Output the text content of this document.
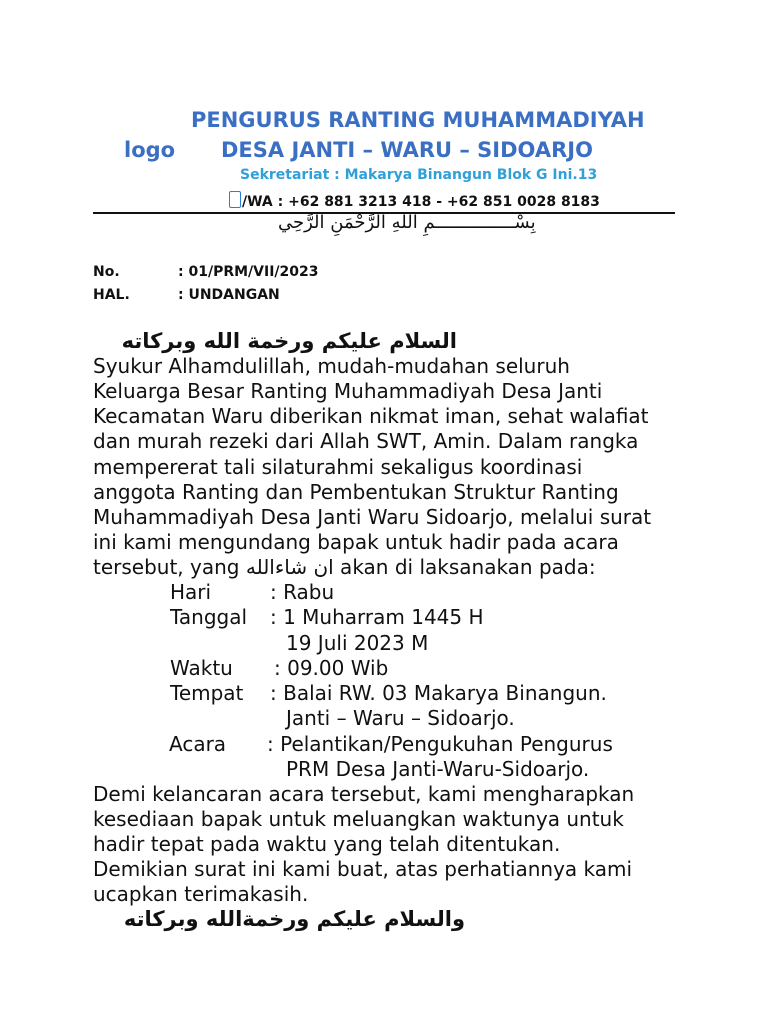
PENGURUS RANTING MUHAMMADIYAH
logo DESA JANTI – WARU – SIDOARJO
Sekretariat : Makarya Binangun Blok G Ini.13
/WA : +62 881 3213 418 - +62 851 0028 8183
بِسْـــــــــــــــمِ اللهِ الرَّحْمَنِ الرَّحِي
No.	: 01/PRM/VII/2023
HAL.	: UNDANGAN
السلام عليكم ورخمة الله وبركاته
Syukur Alhamdulillah, mudah-mudahan seluruh
Keluarga Besar Ranting Muhammadiyah Desa Janti
Kecamatan Waru diberikan nikmat iman, sehat walafiat
dan murah rezeki dari Allah SWT, Amin. Dalam rangka
mempererat tali silaturahmi sekaligus koordinasi
anggota Ranting dan Pembentukan Struktur Ranting
Muhammadiyah Desa Janti Waru Sidoarjo, melalui surat
ini kami mengundang bapak untuk hadir pada acara
tersebut, yang ان شاءالله akan di laksanakan pada:
Hari	: Rabu
Tanggal : 1 Muharram 1445 H
19 Juli 2023 M
Waktu : 09.00 Wib
Tempat : Balai RW. 03 Makarya Binangun.
Janti – Waru – Sidoarjo.
Acara : Pelantikan/Pengukuhan Pengurus
PRM Desa Janti-Waru-Sidoarjo.
Demi kelancaran acara tersebut, kami mengharapkan
kesediaan bapak untuk meluangkan waktunya untuk
hadir tepat pada waktu yang telah ditentukan.
Demikian surat ini kami buat, atas perhatiannya kami
ucapkan terimakasih.
والسلام عليكم ورخمةالله وبركاته
